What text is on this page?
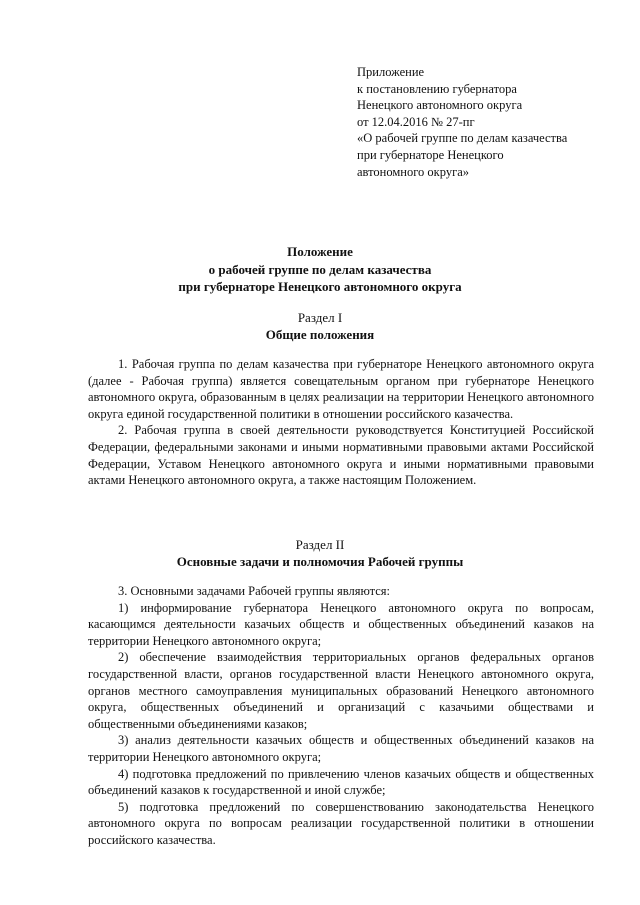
Приложение
к постановлению губернатора
Ненецкого автономного округа
от 12.04.2016 № 27-пг
«О рабочей группе по делам казачества
при губернаторе Ненецкого
автономного округа»
Положение
о рабочей группе по делам казачества
при губернаторе Ненецкого автономного округа
Раздел I
Общие положения

1. Рабочая группа по делам казачества при губернаторе Ненецкого автономного округа (далее - Рабочая группа) является совещательным органом при губернаторе Ненецкого автономного округа, образованным в целях реализации на территории Ненецкого автономного округа единой государственной политики в отношении российского казачества.

2. Рабочая группа в своей деятельности руководствуется Конституцией Российской Федерации, федеральными законами и иными нормативными правовыми актами Российской Федерации, Уставом Ненецкого автономного округа и иными нормативными правовыми актами Ненецкого автономного округа, а также настоящим Положением.

Раздел II
Основные задачи и полномочия Рабочей группы

3. Основными задачами Рабочей группы являются:

1) информирование губернатора Ненецкого автономного округа по вопросам, касающимся деятельности казачьих обществ и общественных объединений казаков на территории Ненецкого автономного округа;

2) обеспечение взаимодействия территориальных органов федеральных органов государственной власти, органов государственной власти Ненецкого автономного округа, органов местного самоуправления муниципальных образований Ненецкого автономного округа, общественных объединений и организаций с казачьими обществами и общественными объединениями казаков;

3) анализ деятельности казачьих обществ и общественных объединений казаков на территории Ненецкого автономного округа;

4) подготовка предложений по привлечению членов казачьих обществ и общественных объединений казаков к государственной и иной службе;

5) подготовка предложений по совершенствованию законодательства Ненецкого автономного округа по вопросам реализации государственной политики в отношении российского казачества.
